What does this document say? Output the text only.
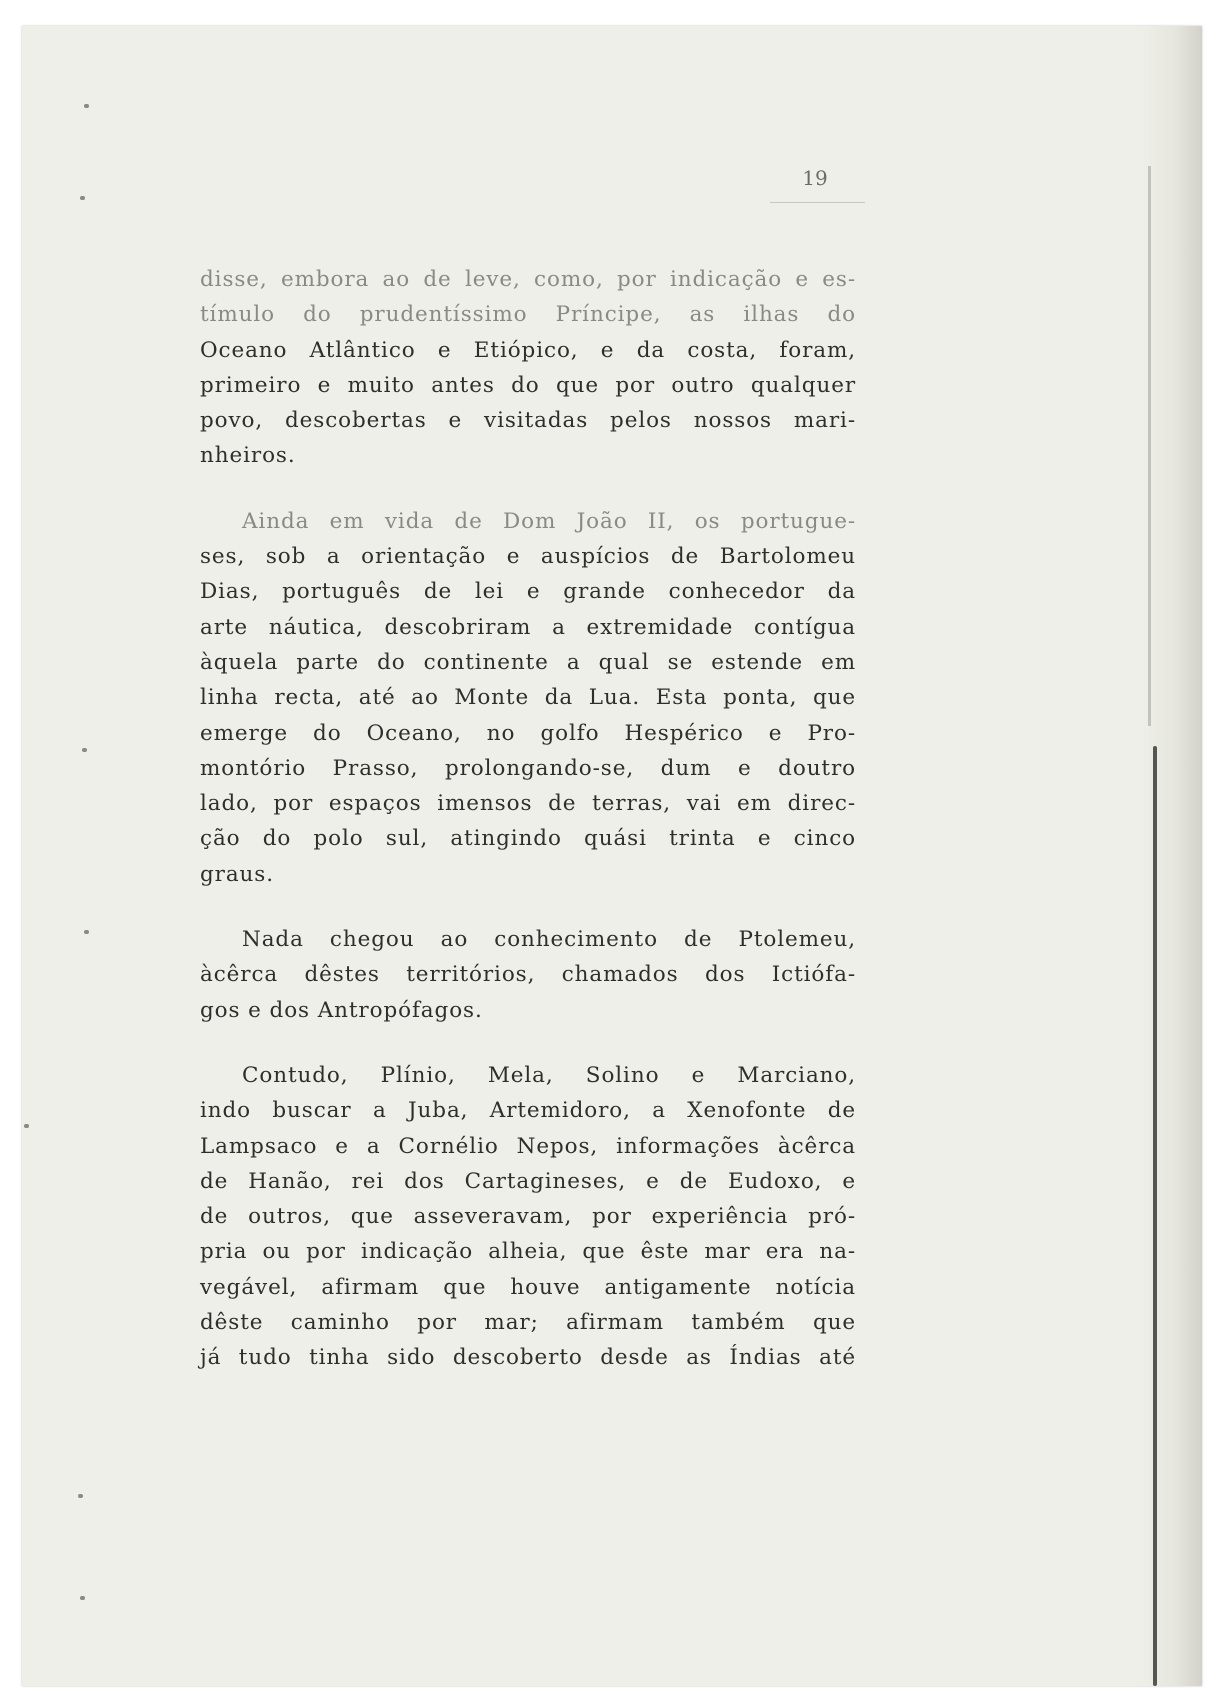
19
disse, embora ao de leve, como, por indicação e es-
tímulo do prudentíssimo Príncipe, as ilhas do
Oceano Atlântico e Etiópico, e da costa, foram,
primeiro e muito antes do que por outro qualquer
povo, descobertas e visitadas pelos nossos mari-
nheiros.
Ainda em vida de Dom João II, os portugue-
ses, sob a orientação e auspícios de Bartolomeu
Dias, português de lei e grande conhecedor da
arte náutica, descobriram a extremidade contígua
àquela parte do continente a qual se estende em
linha recta, até ao Monte da Lua. Esta ponta, que
emerge do Oceano, no golfo Hespérico e Pro-
montório Prasso, prolongando-se, dum e doutro
lado, por espaços imensos de terras, vai em direc-
ção do polo sul, atingindo quási trinta e cinco
graus.
Nada chegou ao conhecimento de Ptolemeu,
àcêrca dêstes territórios, chamados dos Ictiófa-
gos e dos Antropófagos.
Contudo, Plínio, Mela, Solino e Marciano,
indo buscar a Juba, Artemidoro, a Xenofonte de
Lampsaco e a Cornélio Nepos, informações àcêrca
de Hanão, rei dos Cartagineses, e de Eudoxo, e
de outros, que asseveravam, por experiência pró-
pria ou por indicação alheia, que êste mar era na-
vegável, afirmam que houve antigamente notícia
dêste caminho por mar; afirmam também que
já tudo tinha sido descoberto desde as Índias até
